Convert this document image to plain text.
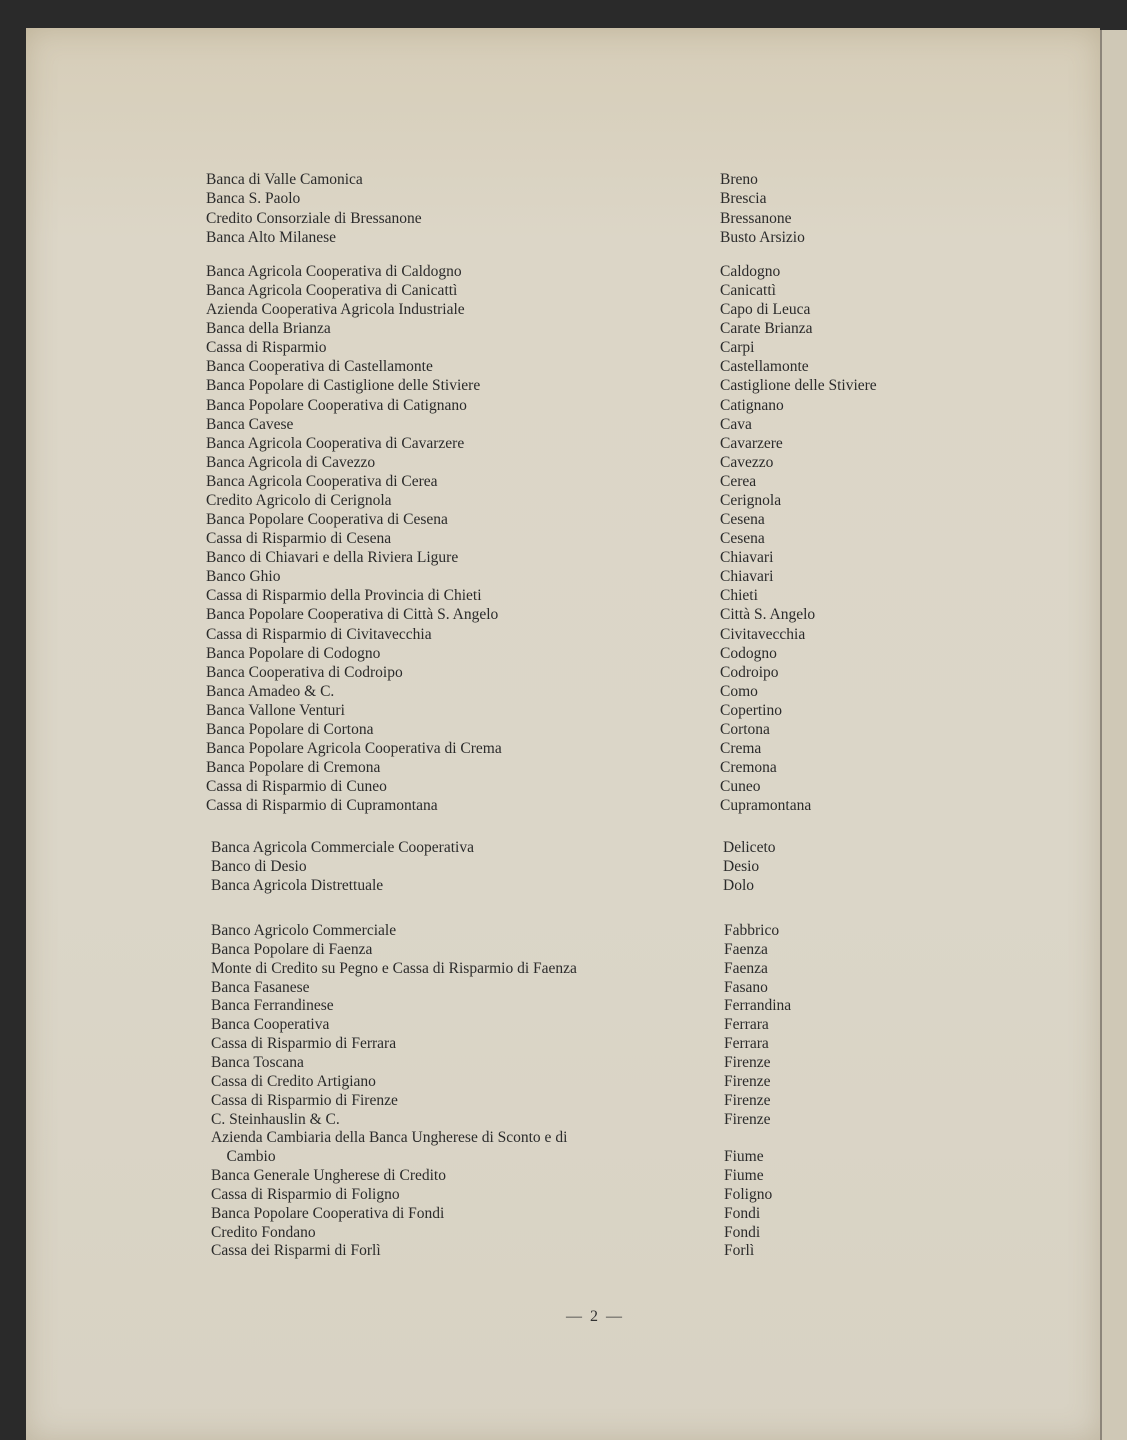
Banca di Valle Camonica	Breno
Banca S. Paolo	Brescia
Credito Consorziale di Bressanone	Bressanone
Banca Alto Milanese	Busto Arsizio
Banca Agricola Cooperativa di Caldogno	Caldogno
Banca Agricola Cooperativa di Canicattì	Canicattì
Azienda Cooperativa Agricola Industriale	Capo di Leuca
Banca della Brianza	Carate Brianza
Cassa di Risparmio	Carpi
Banca Cooperativa di Castellamonte	Castellamonte
Banca Popolare di Castiglione delle Stiviere	Castiglione delle Stiviere
Banca Popolare Cooperativa di Catignano	Catignano
Banca Cavese	Cava
Banca Agricola Cooperativa di Cavarzere	Cavarzere
Banca Agricola di Cavezzo	Cavezzo
Banca Agricola Cooperativa di Cerea	Cerea
Credito Agricolo di Cerignola	Cerignola
Banca Popolare Cooperativa di Cesena	Cesena
Cassa di Risparmio di Cesena	Cesena
Banco di Chiavari e della Riviera Ligure	Chiavari
Banco Ghio	Chiavari
Cassa di Risparmio della Provincia di Chieti	Chieti
Banca Popolare Cooperativa di Città S. Angelo	Città S. Angelo
Cassa di Risparmio di Civitavecchia	Civitavecchia
Banca Popolare di Codogno	Codogno
Banca Cooperativa di Codroipo	Codroipo
Banca Amadeo & C.	Como
Banca Vallone Venturi	Copertino
Banca Popolare di Cortona	Cortona
Banca Popolare Agricola Cooperativa di Crema	Crema
Banca Popolare di Cremona	Cremona
Cassa di Risparmio di Cuneo	Cuneo
Cassa di Risparmio di Cupramontana	Cupramontana
Banca Agricola Commerciale Cooperativa	Deliceto
Banco di Desio	Desio
Banca Agricola Distrettuale	Dolo
Banco Agricolo Commerciale	Fabbrico
Banca Popolare di Faenza	Faenza
Monte di Credito su Pegno e Cassa di Risparmio di Faenza	Faenza
Banca Fasanese	Fasano
Banca Ferrandinese	Ferrandina
Banca Cooperativa	Ferrara
Cassa di Risparmio di Ferrara	Ferrara
Banca Toscana	Firenze
Cassa di Credito Artigiano	Firenze
Cassa di Risparmio di Firenze	Firenze
C. Steinhauslin & C.	Firenze
Azienda Cambiaria della Banca Ungherese di Sconto e di
Cambio	Fiume
Banca Generale Ungherese di Credito	Fiume
Cassa di Risparmio di Foligno	Foligno
Banca Popolare Cooperativa di Fondi	Fondi
Credito Fondano	Fondi
Cassa dei Risparmi di Forlì	Forlì
— 2 —
